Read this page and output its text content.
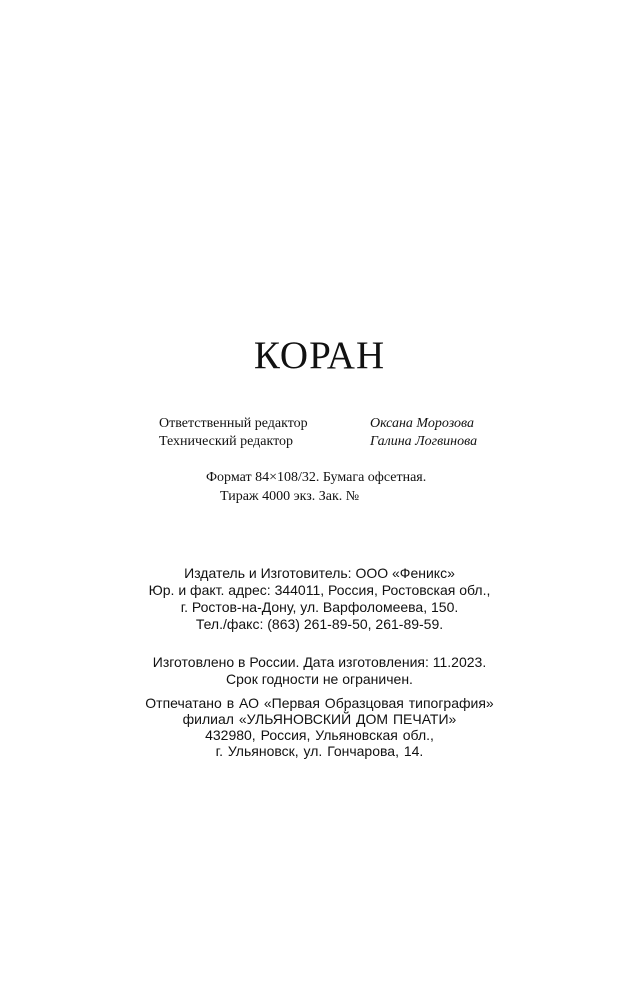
КОРАН
Ответственный редактор	Оксана Морозова
Технический редактор	Галина Логвинова
Формат 84×108/32. Бумага офсетная.
Тираж 4000 экз. Зак. №
Издатель и Изготовитель: ООО «Феникс»
Юр. и факт. адрес: 344011, Россия, Ростовская обл.,
г. Ростов-на-Дону, ул. Варфоломеева, 150.
Тел./факс: (863) 261-89-50, 261-89-59.
Изготовлено в России. Дата изготовления: 11.2023.
Срок годности не ограничен.
Отпечатано в АО «Первая Образцовая типография»
филиал «УЛЬЯНОВСКИЙ ДОМ ПЕЧАТИ»
432980, Россия, Ульяновская обл.,
г. Ульяновск, ул. Гончарова, 14.
